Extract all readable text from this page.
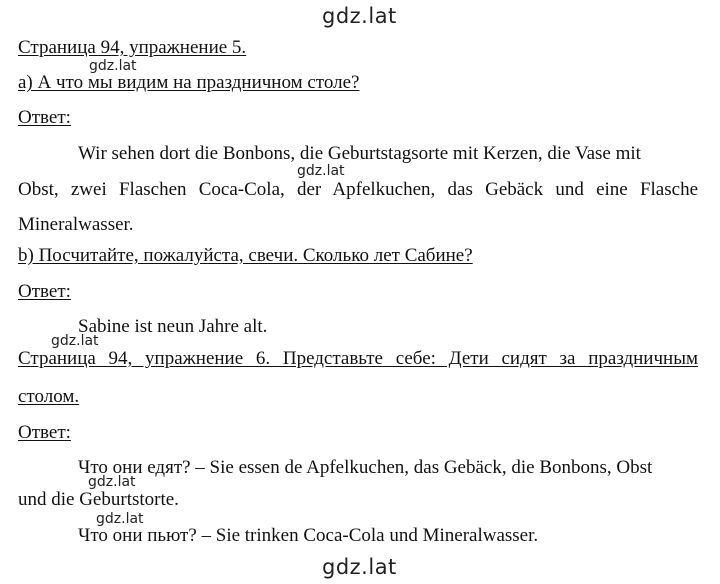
gdz.lat
Страница 94, упражнение 5.
gdz.lat
а) А что мы видим на праздничном столе?
Ответ:
Wir sehen dort die Bonbons, die Geburtstagsorte mit Kerzen, die Vase mit
gdz.lat
Obst, zwei Flaschen Coca-Cola, der Apfelkuchen, das Gebäck und eine Flasche
Mineralwasser.
b) Посчитайте, пожалуйста, свечи. Сколько лет Сабине?
Ответ:
Sabine ist neun Jahre alt.
gdz.lat
Страница 94, упражнение 6. Представьте себе: Дети сидят за праздничным
столом.
Ответ:
Что они едят? – Sie essen de Apfelkuchen, das Gebäck, die Bonbons, Obst
gdz.lat
und die Geburtstorte.
gdz.lat
Что они пьют? – Sie trinken Coca-Cola und Mineralwasser.
gdz.lat
